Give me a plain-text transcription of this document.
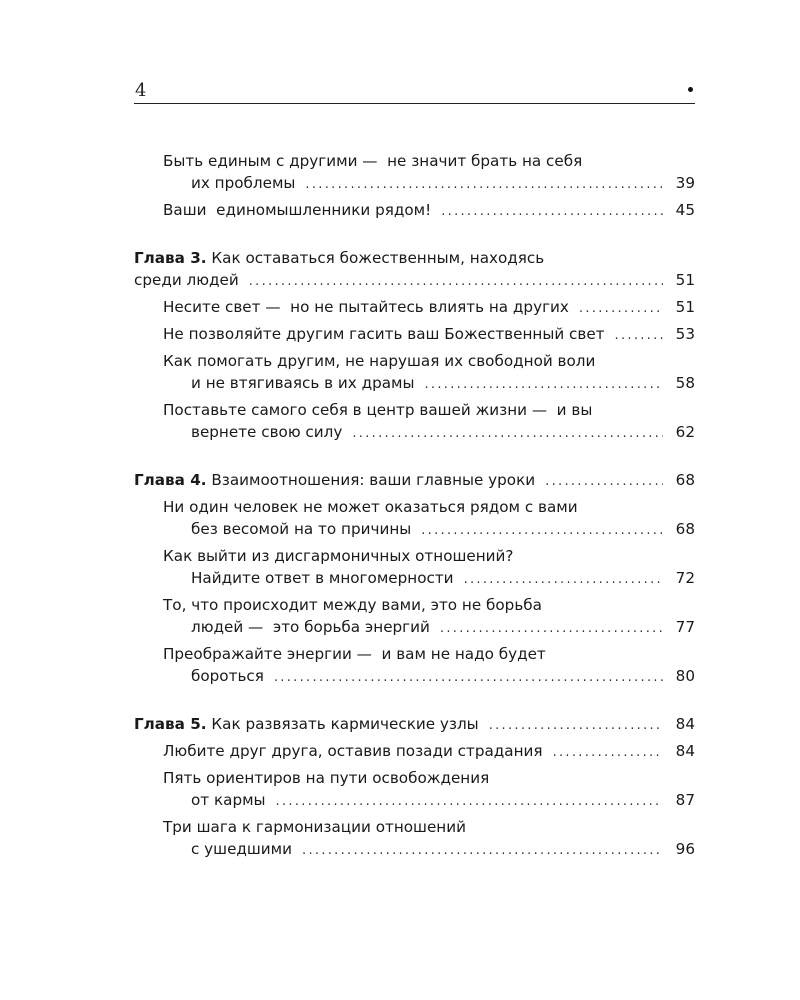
4
Быть единым с другими —  не значит брать на себя
их проблемы .....	39
Ваши  единомышленники рядом! .....	45
Глава 3. Как оставаться божественным, находясь
среди людей .....	51
Несите свет —  но не пытайтесь влиять на других .....	51
Не позволяйте другим гасить ваш Божественный свет .....	53
Как помогать другим, не нарушая их свободной воли
и не втягиваясь в их драмы .....	58
Поставьте самого себя в центр вашей жизни —  и вы
вернете свою силу .....	62
Глава 4. Взаимоотношения: ваши главные уроки .....	68
Ни один человек не может оказаться рядом с вами
без весомой на то причины .....	68
Как выйти из дисгармоничных отношений?
Найдите ответ в многомерности .....	72
То, что происходит между вами, это не борьба
людей —  это борьба энергий .....	77
Преображайте энергии —  и вам не надо будет
бороться .....	80
Глава 5. Как развязать кармические узлы .....	84
Любите друг друга, оставив позади страдания .....	84
Пять ориентиров на пути освобождения
от кармы .....	87
Три шага к гармонизации отношений
с ушедшими .....	96
